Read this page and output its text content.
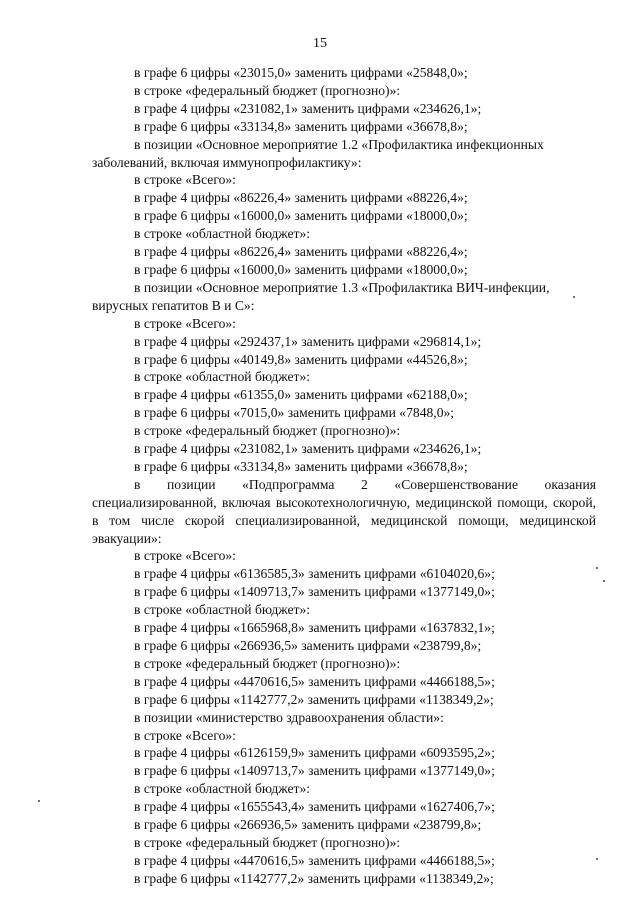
15
в графе 6 цифры «23015,0» заменить цифрами «25848,0»;
в строке «федеральный бюджет (прогнозно)»:
в графе 4 цифры «231082,1» заменить цифрами «234626,1»;
в графе 6 цифры «33134,8» заменить цифрами «36678,8»;
в позиции «Основное мероприятие 1.2 «Профилактика инфекционных
заболеваний, включая иммунопрофилактику»:
в строке «Всего»:
в графе 4 цифры «86226,4» заменить цифрами «88226,4»;
в графе 6 цифры «16000,0» заменить цифрами «18000,0»;
в строке «областной бюджет»:
в графе 4 цифры «86226,4» заменить цифрами «88226,4»;
в графе 6 цифры «16000,0» заменить цифрами «18000,0»;
в позиции «Основное мероприятие 1.3 «Профилактика ВИЧ-инфекции,
вирусных гепатитов В и С»:
в строке «Всего»:
в графе 4 цифры «292437,1» заменить цифрами «296814,1»;
в графе 6 цифры «40149,8» заменить цифрами «44526,8»;
в строке «областной бюджет»:
в графе 4 цифры «61355,0» заменить цифрами «62188,0»;
в графе 6 цифры «7015,0» заменить цифрами «7848,0»;
в строке «федеральный бюджет (прогнозно)»:
в графе 4 цифры «231082,1» заменить цифрами «234626,1»;
в графе 6 цифры «33134,8» заменить цифрами «36678,8»;
в позиции «Подпрограмма 2 «Совершенствование оказания специализированной, включая высокотехнологичную, медицинской помощи, скорой, в том числе скорой специализированной, медицинской помощи, медицинской эвакуации»:
в строке «Всего»:
в графе 4 цифры «6136585,3» заменить цифрами «6104020,6»;
в графе 6 цифры «1409713,7» заменить цифрами «1377149,0»;
в строке «областной бюджет»:
в графе 4 цифры «1665968,8» заменить цифрами «1637832,1»;
в графе 6 цифры «266936,5» заменить цифрами «238799,8»;
в строке «федеральный бюджет (прогнозно)»:
в графе 4 цифры «4470616,5» заменить цифрами «4466188,5»;
в графе 6 цифры «1142777,2» заменить цифрами «1138349,2»;
в позиции «министерство здравоохранения области»:
в строке «Всего»:
в графе 4 цифры «6126159,9» заменить цифрами «6093595,2»;
в графе 6 цифры «1409713,7» заменить цифрами «1377149,0»;
в строке «областной бюджет»:
в графе 4 цифры «1655543,4» заменить цифрами «1627406,7»;
в графе 6 цифры «266936,5» заменить цифрами «238799,8»;
в строке «федеральный бюджет (прогнозно)»:
в графе 4 цифры «4470616,5» заменить цифрами «4466188,5»;
в графе 6 цифры «1142777,2» заменить цифрами «1138349,2»;
